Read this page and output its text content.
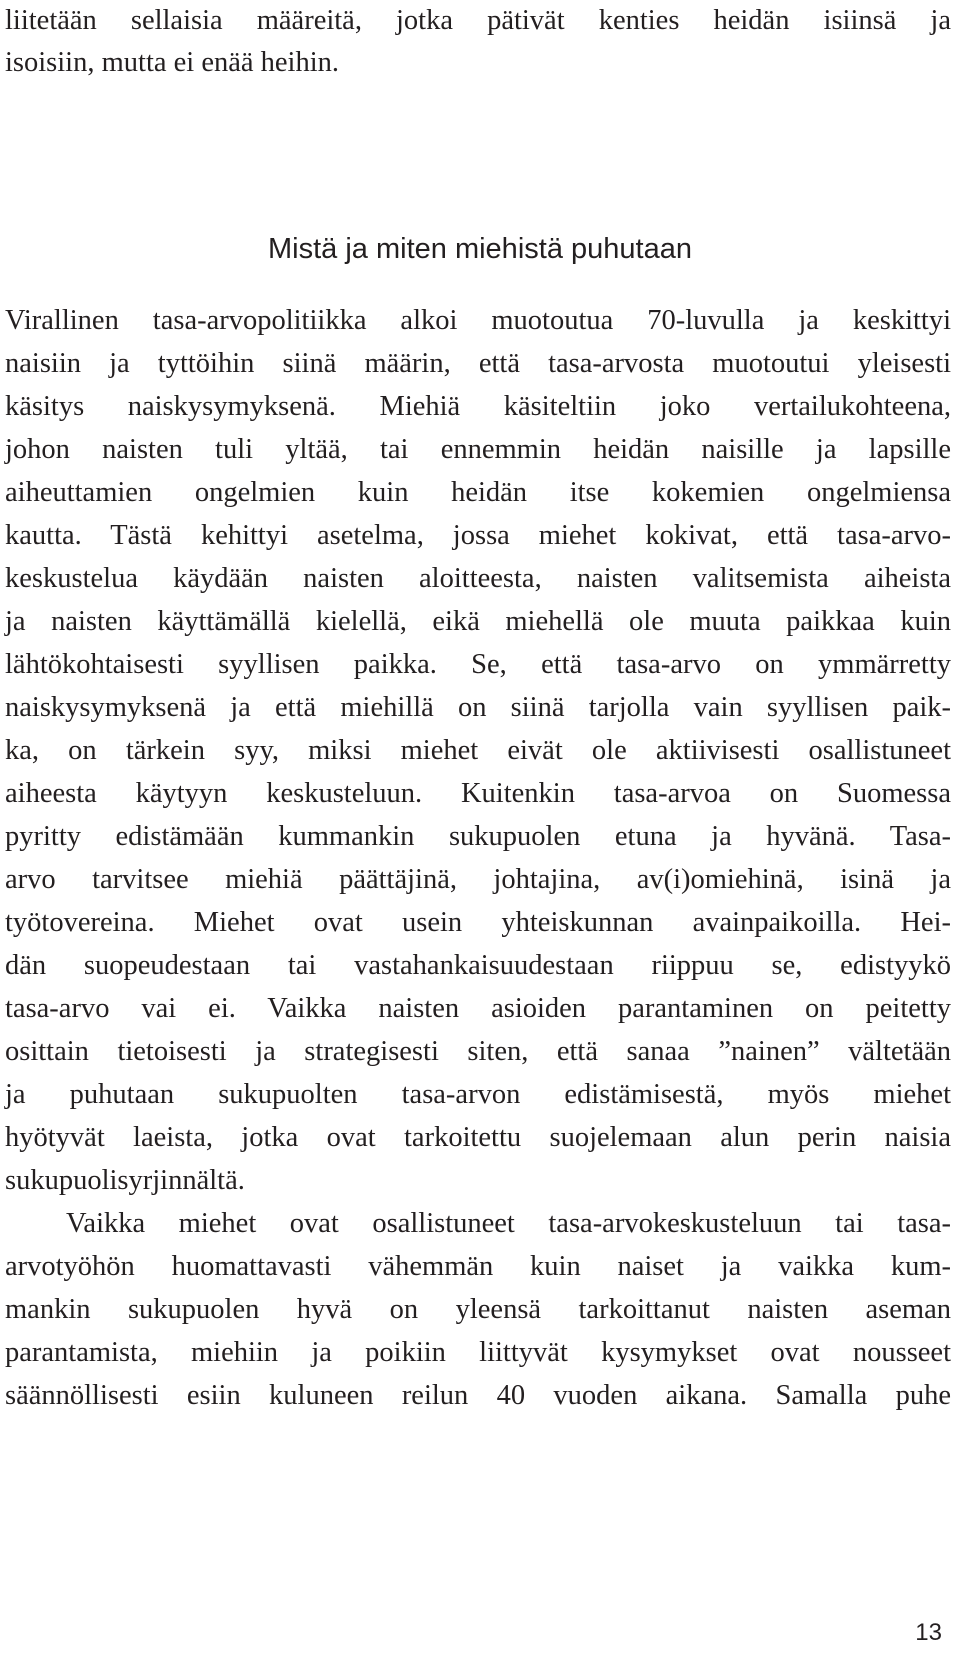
liitetään sellaisia määreitä, jotka pätivät kenties heidän isiinsä ja
isoisiin, mutta ei enää heihin.
Mistä ja miten miehistä puhutaan
Virallinen tasa-arvopolitiikka alkoi muotoutua 70-luvulla ja keskittyi
naisiin ja tyttöihin siinä määrin, että tasa-arvosta muotoutui yleisesti
käsitys naiskysymyksenä. Miehiä käsiteltiin joko vertailukohteena,
johon naisten tuli yltää, tai ennemmin heidän naisille ja lapsille
aiheuttamien ongelmien kuin heidän itse kokemien ongelmiensa
kautta. Tästä kehittyi asetelma, jossa miehet kokivat, että tasa-arvo-
keskustelua käydään naisten aloitteesta, naisten valitsemista aiheista
ja naisten käyttämällä kielellä, eikä miehellä ole muuta paikkaa kuin
lähtökohtaisesti syyllisen paikka. Se, että tasa-arvo on ymmärretty
naiskysymyksenä ja että miehillä on siinä tarjolla vain syyllisen paik-
ka, on tärkein syy, miksi miehet eivät ole aktiivisesti osallistuneet
aiheesta käytyyn keskusteluun. Kuitenkin tasa-arvoa on Suomessa
pyritty edistämään kummankin sukupuolen etuna ja hyvänä. Tasa-
arvo tarvitsee miehiä päättäjinä, johtajina, av(i)omiehinä, isinä ja
työtovereina. Miehet ovat usein yhteiskunnan avainpaikoilla. Hei-
dän suopeudestaan tai vastahankaisuudestaan riippuu se, edistyykö
tasa-arvo vai ei. Vaikka naisten asioiden parantaminen on peitetty
osittain tietoisesti ja strategisesti siten, että sanaa ”nainen” vältetään
ja puhutaan sukupuolten tasa-arvon edistämisestä, myös miehet
hyötyvät laeista, jotka ovat tarkoitettu suojelemaan alun perin naisia
sukupuolisyrjinnältä.
Vaikka miehet ovat osallistuneet tasa-arvokeskusteluun tai tasa-
arvotyöhön huomattavasti vähemmän kuin naiset ja vaikka kum-
mankin sukupuolen hyvä on yleensä tarkoittanut naisten aseman
parantamista, miehiin ja poikiin liittyvät kysymykset ovat nousseet
säännöllisesti esiin kuluneen reilun 40 vuoden aikana. Samalla puhe
13
